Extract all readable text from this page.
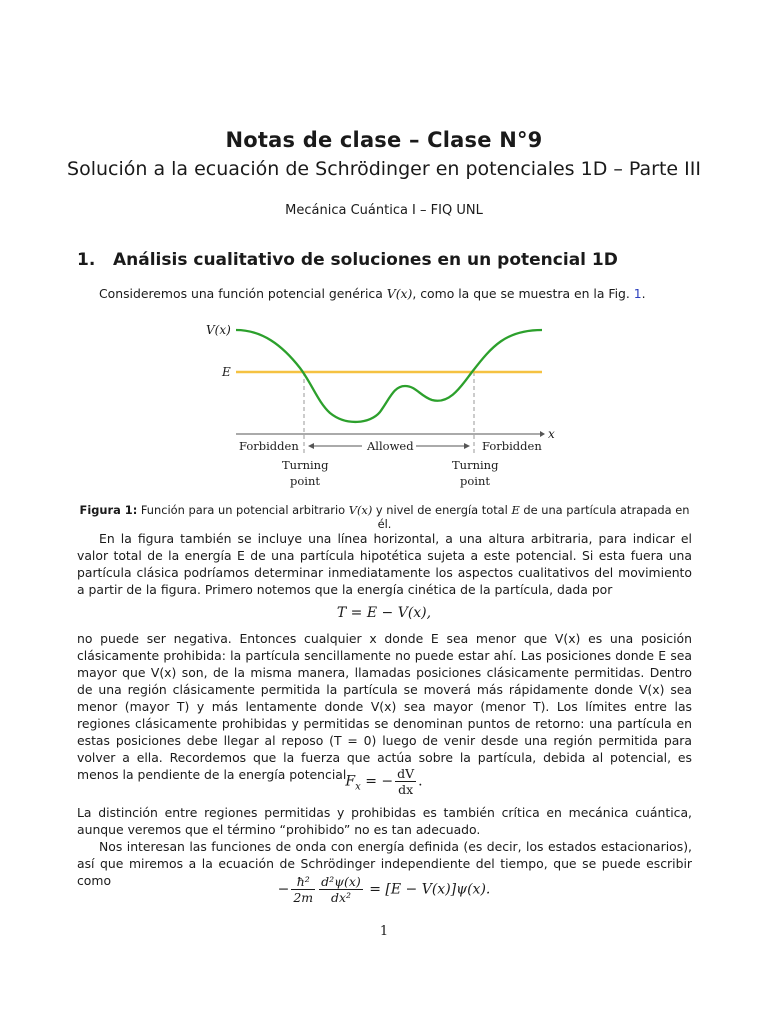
Notas de clase – Clase N°9
Solución a la ecuación de Schrödinger en potenciales 1D – Parte III
Mecánica Cuántica I – FIQ UNL
1. Análisis cualitativo de soluciones en un potencial 1D
Consideremos una función potencial genérica V(x), como la que se muestra en la Fig. 1.
V(x)
E
x
Forbidden	Allowed	Forbidden
Turning
point
Turning
point
Figura 1: Función para un potencial arbitrario V(x) y nivel de energía total E de una partícula atrapada en él.
En la figura también se incluye una línea horizontal, a una altura arbitraria, para indicar el valor total de la energía E de una partícula hipotética sujeta a este potencial. Si esta fuera una partícula clásica podríamos determinar inmediatamente los aspectos cualitativos del movimiento a partir de la figura. Primero notemos que la energía cinética de la partícula, dada por
T = E − V(x),
no puede ser negativa. Entonces cualquier x donde E sea menor que V(x) es una posición clásicamente prohibida: la partícula sencillamente no puede estar ahí. Las posiciones donde E sea mayor que V(x) son, de la misma manera, llamadas posiciones clásicamente permitidas. Dentro de una región clásicamente permitida la partícula se moverá más rápidamente donde V(x) sea menor (mayor T) y más lentamente donde V(x) sea mayor (menor T). Los límites entre las regiones clásicamente prohibidas y permitidas se denominan puntos de retorno: una partícula en estas posiciones debe llegar al reposo (T = 0) luego de venir desde una región permitida para volver a ella. Recordemos que la fuerza que actúa sobre la partícula, debida al potencial, es menos la pendiente de la energía potencial $F_x$ = − $\frac{dV}{dx}$ .
La distinción entre regiones permitidas y prohibidas es también crítica en mecánica cuántica, aunque veremos que el término “prohibido” no es tan adecuado.
Nos interesan las funciones de onda con energía definida (es decir, los estados estacionarios), así que miremos a la ecuación de Schrödinger independiente del tiempo, que se puede escribir como
− $\frac{\text{ħ²}}{2m} \frac{\text{d²ψ(x)}}{\text{dx²}} = [E - V(x)]\psi(x)$.
1
